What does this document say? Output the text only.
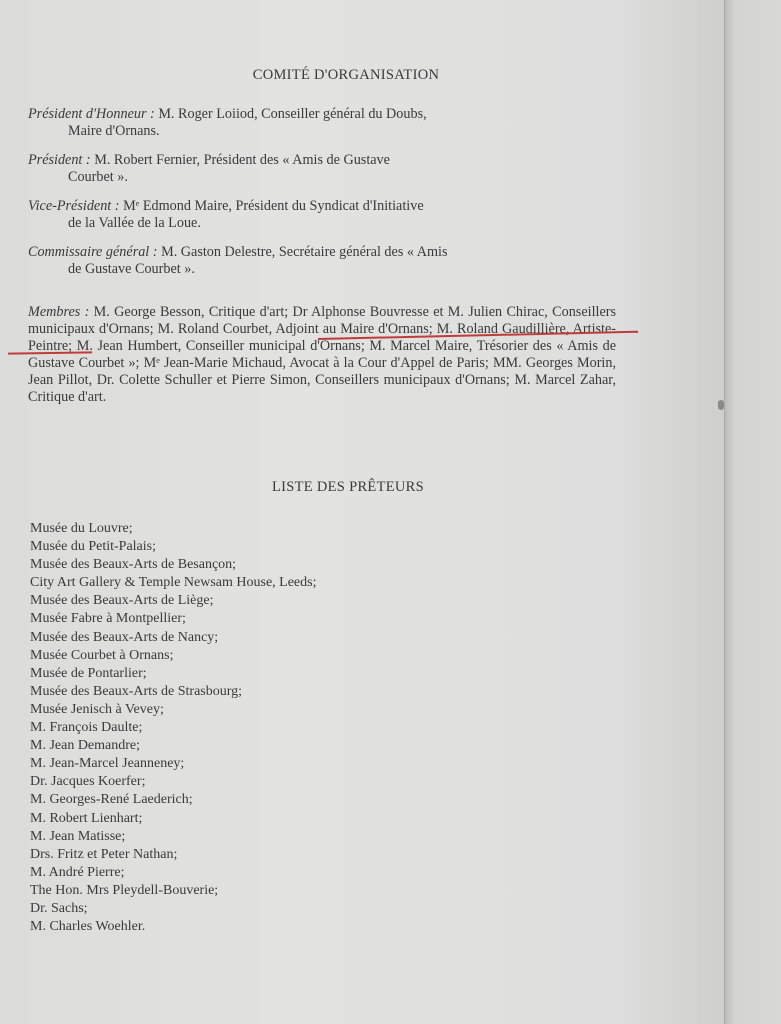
COMITÉ D'ORGANISATION

Président d'Honneur : M. Roger Loiiod, Conseiller général du Doubs,
Maire d'Ornans.

Président : M. Robert Fernier, Président des « Amis de Gustave
Courbet ».

Vice-Président : Mᵉ Edmond Maire, Président du Syndicat d'Initiative
de la Vallée de la Loue.

Commissaire général : M. Gaston Delestre, Secrétaire général des « Amis
de Gustave Courbet ».

Membres : M. George Besson, Critique d'art; Dr Alphonse Bouvresse et M. Julien Chirac, Conseillers municipaux d'Ornans; M. Roland Courbet, Adjoint au Maire d'Ornans; M. Roland Gaudillière, Artiste-Peintre; M. Jean Humbert, Conseiller municipal d'Ornans; M. Marcel Maire, Trésorier des « Amis de Gustave Courbet »; Mᵉ Jean-Marie Michaud, Avocat à la Cour d'Appel de Paris; MM. Georges Morin, Jean Pillot, Dr. Colette Schuller et Pierre Simon, Conseillers municipaux d'Ornans; M. Marcel Zahar, Critique d'art.

LISTE DES PRÊTEURS
Musée du Louvre;
Musée du Petit-Palais;
Musée des Beaux-Arts de Besançon;
City Art Gallery & Temple Newsam House, Leeds;
Musée des Beaux-Arts de Liège;
Musée Fabre à Montpellier;
Musée des Beaux-Arts de Nancy;
Musée Courbet à Ornans;
Musée de Pontarlier;
Musée des Beaux-Arts de Strasbourg;
Musée Jenisch à Vevey;
M. François Daulte;
M. Jean Demandre;
M. Jean-Marcel Jeanneney;
Dr. Jacques Koerfer;
M. Georges-René Laederich;
M. Robert Lienhart;
M. Jean Matisse;
Drs. Fritz et Peter Nathan;
M. André Pierre;
The Hon. Mrs Pleydell-Bouverie;
Dr. Sachs;
M. Charles Woehler.
